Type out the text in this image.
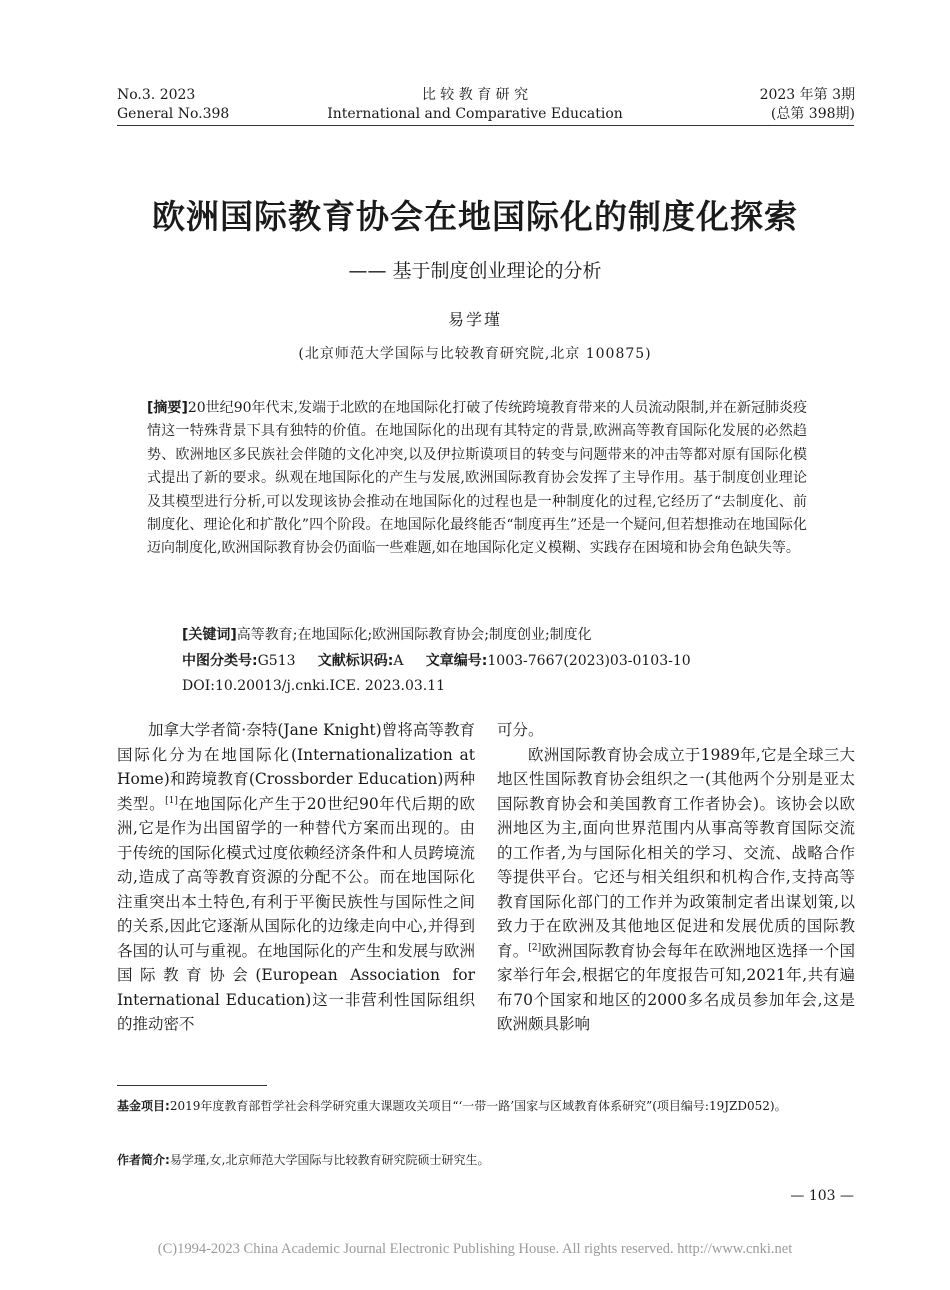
No.3. 2023
General No.398
比 较 教 育 研 究
International and Comparative Education
2023 年第 3期
(总第 398期)
欧洲国际教育协会在地国际化的制度化探索
—— 基于制度创业理论的分析
易学瑾
(北京师范大学国际与比较教育研究院,北京 100875)
[摘要]20世纪90年代末,发端于北欧的在地国际化打破了传统跨境教育带来的人员流动限制,并在新冠肺炎疫情这一特殊背景下具有独特的价值。在地国际化的出现有其特定的背景,欧洲高等教育国际化发展的必然趋势、欧洲地区多民族社会伴随的文化冲突,以及伊拉斯谟项目的转变与问题带来的冲击等都对原有国际化模式提出了新的要求。纵观在地国际化的产生与发展,欧洲国际教育协会发挥了主导作用。基于制度创业理论及其模型进行分析,可以发现该协会推动在地国际化的过程也是一种制度化的过程,它经历了“去制度化、前制度化、理论化和扩散化”四个阶段。在地国际化最终能否“制度再生”还是一个疑问,但若想推动在地国际化迈向制度化,欧洲国际教育协会仍面临一些难题,如在地国际化定义模糊、实践存在困境和协会角色缺失等。
[关键词]高等教育;在地国际化;欧洲国际教育协会;制度创业;制度化
中图分类号:G513 文献标识码:A 文章编号:1003-7667(2023)03-0103-10
DOI:10.20013/j.cnki.ICE. 2023.03.11

加拿大学者简·奈特(Jane Knight)曾将高等教育国际化分为在地国际化(Internationalization at Home)和跨境教育(Crossborder Education)两种类型。[1]在地国际化产生于20世纪90年代后期的欧洲,它是作为出国留学的一种替代方案而出现的。由于传统的国际化模式过度依赖经济条件和人员跨境流动,造成了高等教育资源的分配不公。而在地国际化注重突出本土特色,有利于平衡民族性与国际性之间的关系,因此它逐渐从国际化的边缘走向中心,并得到各国的认可与重视。在地国际化的产生和发展与欧洲国际教育协会(European Association for International Education)这一非营利性国际组织的推动密不

可分。

欧洲国际教育协会成立于1989年,它是全球三大地区性国际教育协会组织之一(其他两个分别是亚太国际教育协会和美国教育工作者协会)。该协会以欧洲地区为主,面向世界范围内从事高等教育国际交流的工作者,为与国际化相关的学习、交流、战略合作等提供平台。它还与相关组织和机构合作,支持高等教育国际化部门的工作并为政策制定者出谋划策,以致力于在欧洲及其他地区促进和发展优质的国际教育。[2]欧洲国际教育协会每年在欧洲地区选择一个国家举行年会,根据它的年度报告可知,2021年,共有遍布70个国家和地区的2000多名成员参加年会,这是欧洲颇具影响

基金项目:2019年度教育部哲学社会科学研究重大课题攻关项目“‘一带一路’国家与区域教育体系研究”(项目编号:19JZD052)。
作者简介:易学瑾,女,北京师范大学国际与比较教育研究院硕士研究生。
— 103 —
(C)1994-2023 China Academic Journal Electronic Publishing House. All rights reserved. http://www.cnki.net
